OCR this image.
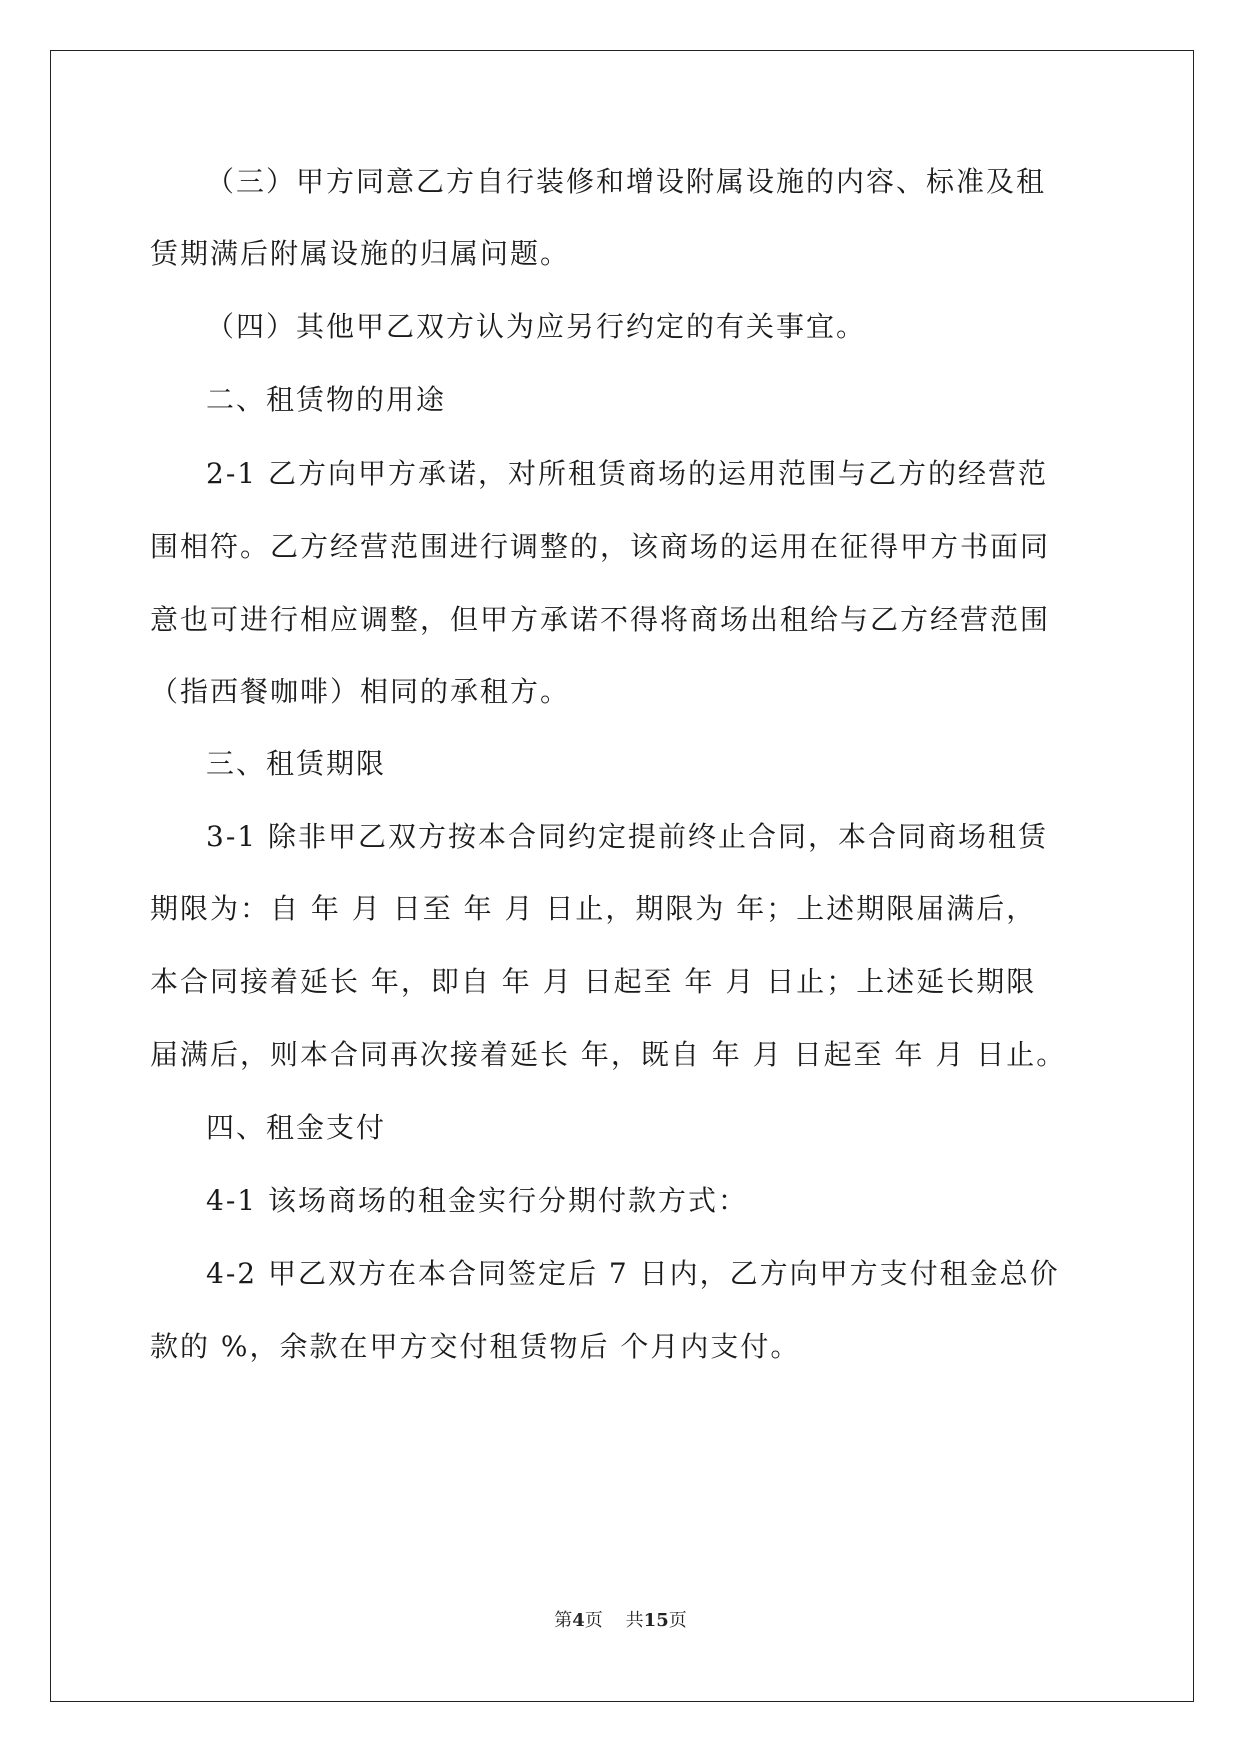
（三）甲方同意乙方自行装修和增设附属设施的内容、标准及租
赁期满后附属设施的归属问题。
（四）其他甲乙双方认为应另行约定的有关事宜。
二、租赁物的用途
2-1 乙方向甲方承诺，对所租赁商场的运用范围与乙方的经营范
围相符。乙方经营范围进行调整的，该商场的运用在征得甲方书面同
意也可进行相应调整，但甲方承诺不得将商场出租给与乙方经营范围
（指西餐咖啡）相同的承租方。
三、租赁期限
3-1 除非甲乙双方按本合同约定提前终止合同，本合同商场租赁
期限为：自 年 月 日至 年 月 日止，期限为 年；上述期限届满后，
本合同接着延长 年，即自 年 月 日起至 年 月 日止；上述延长期限
届满后，则本合同再次接着延长 年，既自 年 月 日起至 年 月 日止。
四、租金支付
4-1 该场商场的租金实行分期付款方式：
4-2 甲乙双方在本合同签定后 7 日内，乙方向甲方支付租金总价
款的 %，余款在甲方交付租赁物后 个月内支付。
第4页 共15页
